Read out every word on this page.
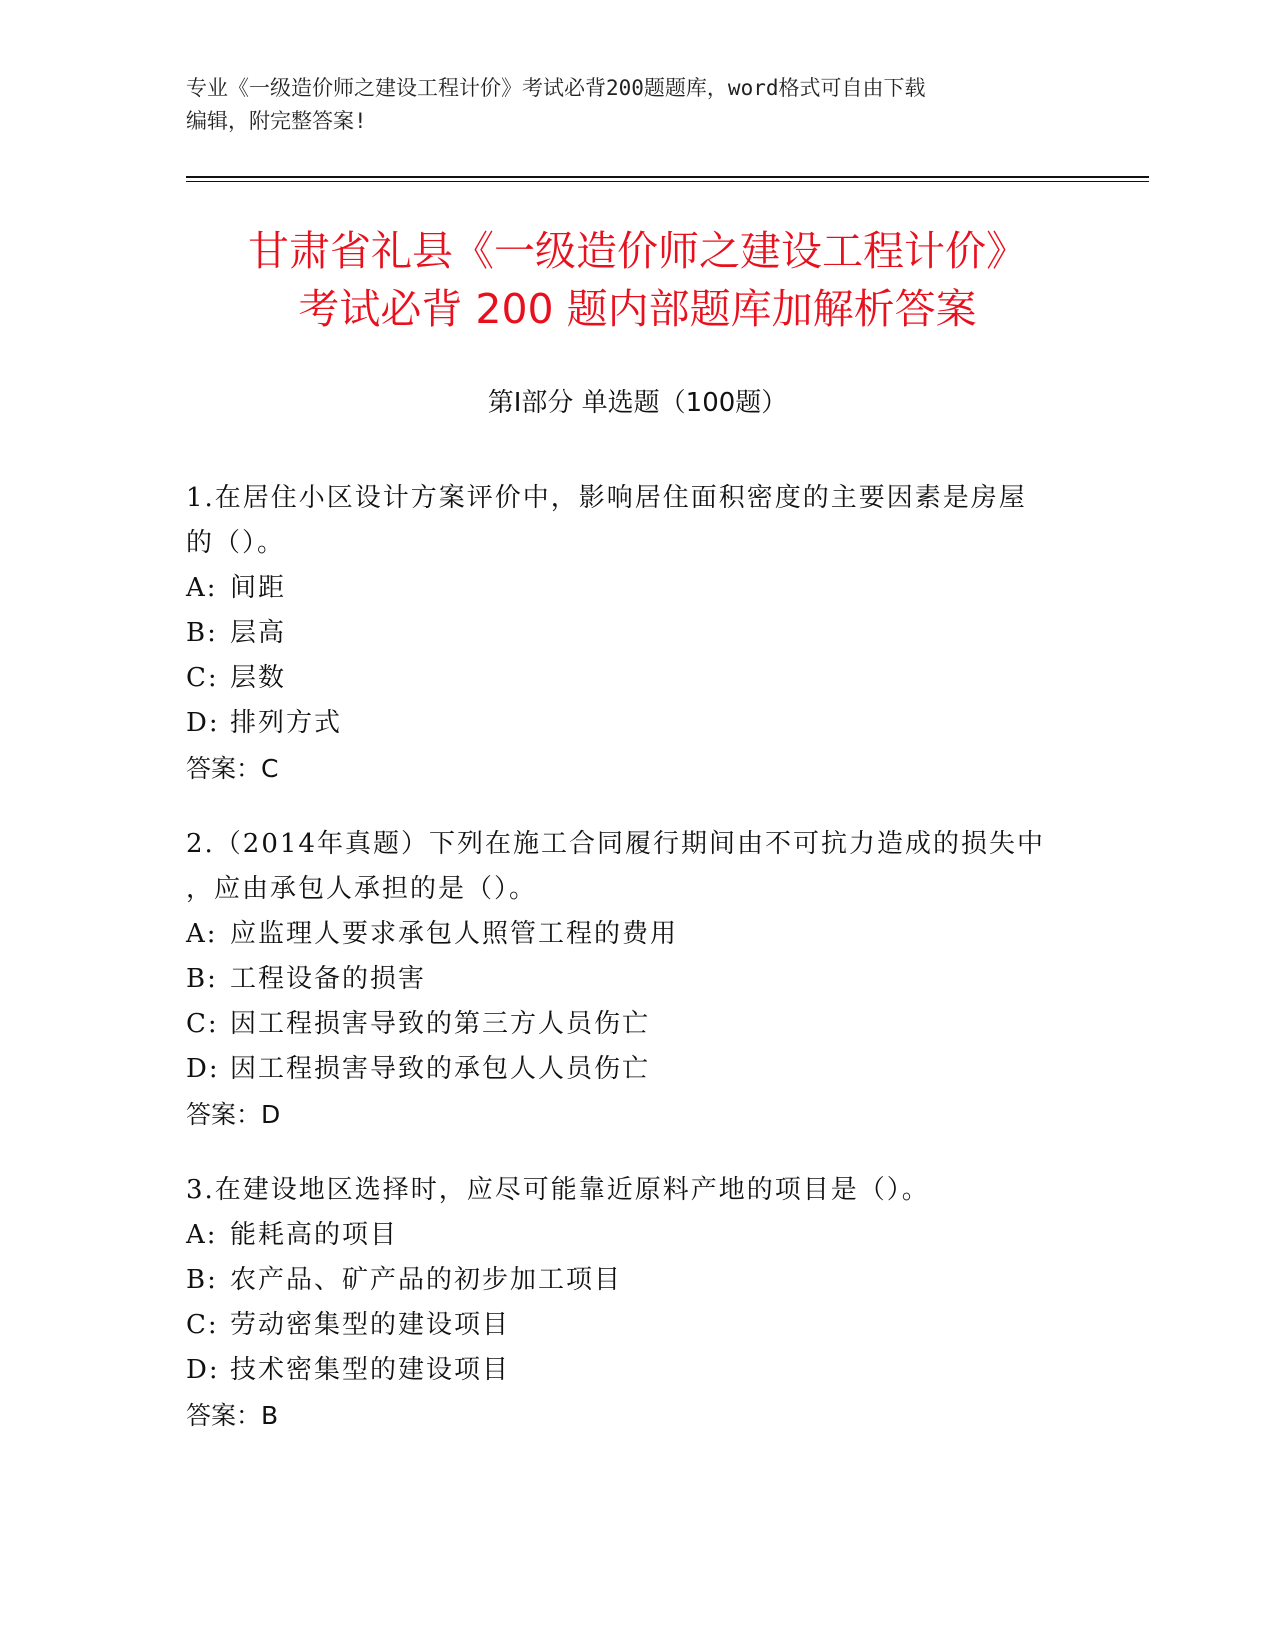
专业《一级造价师之建设工程计价》考试必背200题题库，word格式可自由下载
编辑，附完整答案!
甘肃省礼县《一级造价师之建设工程计价》
考试必背 200 题内部题库加解析答案
第Ⅰ部分 单选题（100题）
1.在居住小区设计方案评价中，影响居住面积密度的主要因素是房屋
的（）。
A: 间距
B: 层高
C: 层数
D: 排列方式
答案：C
2.（2014年真题）下列在施工合同履行期间由不可抗力造成的损失中
，应由承包人承担的是（）。
A: 应监理人要求承包人照管工程的费用
B: 工程设备的损害
C: 因工程损害导致的第三方人员伤亡
D: 因工程损害导致的承包人人员伤亡
答案：D
3.在建设地区选择时，应尽可能靠近原料产地的项目是（）。
A: 能耗高的项目
B: 农产品、矿产品的初步加工项目
C: 劳动密集型的建设项目
D: 技术密集型的建设项目
答案：B
